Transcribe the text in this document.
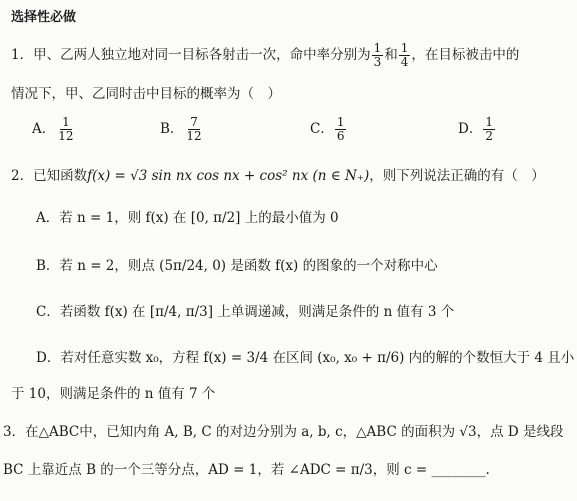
选择性必做
1．甲、乙两人独立地对同一目标各射击一次，命中率分别为 $\frac{1}{3}$ 和 $\frac{1}{4}$ ，在目标被击中的
情况下，甲、乙同时击中目标的概率为（　）
A． $\frac{1}{12}$	B． $\frac{7}{12}$	C． $\frac{1}{6}$	D． $\frac{1}{2}$
2．已知函数f(x) = √3 sin nx cos nx + cos² nx (n ∈ N₊)，则下列说法正确的有（　）
A．若 n = 1，则 f(x) 在 [0, π/2] 上的最小值为 0
B．若 n = 2，则点 (5π/24, 0) 是函数 f(x) 的图象的一个对称中心
C．若函数 f(x) 在 [π/4, π/3] 上单调递减，则满足条件的 n 值有 3 个
D．若对任意实数 x₀，方程 f(x) = 3/4 在区间 (x₀, x₀ + π/6) 内的解的个数恒大于 4 且小
于 10，则满足条件的 n 值有 7 个
3．在△ABC中，已知内角 A, B, C 的对边分别为 a, b, c，△ABC 的面积为 √3，点 D 是线段
BC 上靠近点 B 的一个三等分点，AD = 1，若 ∠ADC = π/3，则 c = ________.
